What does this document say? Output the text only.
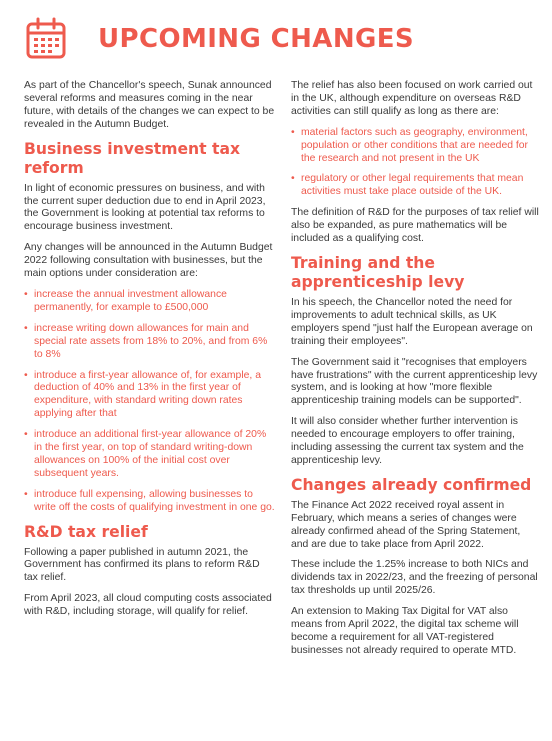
UPCOMING CHANGES

As part of the Chancellor's speech, Sunak announced several reforms and measures coming in the near future, with details of the changes we can expect to be revealed in the Autumn Budget.

Business investment tax reform

In light of economic pressures on business, and with the current super deduction due to end in April 2023, the Government is looking at potential tax reforms to encourage business investment.

Any changes will be announced in the Autumn Budget 2022 following consultation with businesses, but the main options under consideration are:

• increase the annual investment allowance permanently, for example to £500,000
• increase writing down allowances for main and special rate assets from 18% to 20%, and from 6% to 8%
• introduce a first-year allowance of, for example, a deduction of 40% and 13% in the first year of expenditure, with standard writing down rates applying after that
• introduce an additional first-year allowance of 20% in the first year, on top of standard writing-down allowances on 100% of the initial cost over subsequent years.
• introduce full expensing, allowing businesses to write off the costs of qualifying investment in one go.
R&D tax relief

Following a paper published in autumn 2021, the Government has confirmed its plans to reform R&D tax relief.

From April 2023, all cloud computing costs associated with R&D, including storage, will qualify for relief.

The relief has also been focused on work carried out in the UK, although expenditure on overseas R&D activities can still qualify as long as there are:

• material factors such as geography, environment, population or other conditions that are needed for the research and not present in the UK
• regulatory or other legal requirements that mean activities must take place outside of the UK.

The definition of R&D for the purposes of tax relief will also be expanded, as pure mathematics will be included as a qualifying cost.

Training and the apprenticeship levy

In his speech, the Chancellor noted the need for improvements to adult technical skills, as UK employers spend "just half the European average on training their employees".

The Government said it "recognises that employers have frustrations" with the current apprenticeship levy system, and is looking at how "more flexible apprenticeship training models can be supported".

It will also consider whether further intervention is needed to encourage employers to offer training, including assessing the current tax system and the apprenticeship levy.

Changes already confirmed

The Finance Act 2022 received royal assent in February, which means a series of changes were already confirmed ahead of the Spring Statement, and are due to take place from April 2022.

These include the 1.25% increase to both NICs and dividends tax in 2022/23, and the freezing of personal tax thresholds up until 2025/26.

An extension to Making Tax Digital for VAT also means from April 2022, the digital tax scheme will become a requirement for all VAT-registered businesses not already required to operate MTD.
